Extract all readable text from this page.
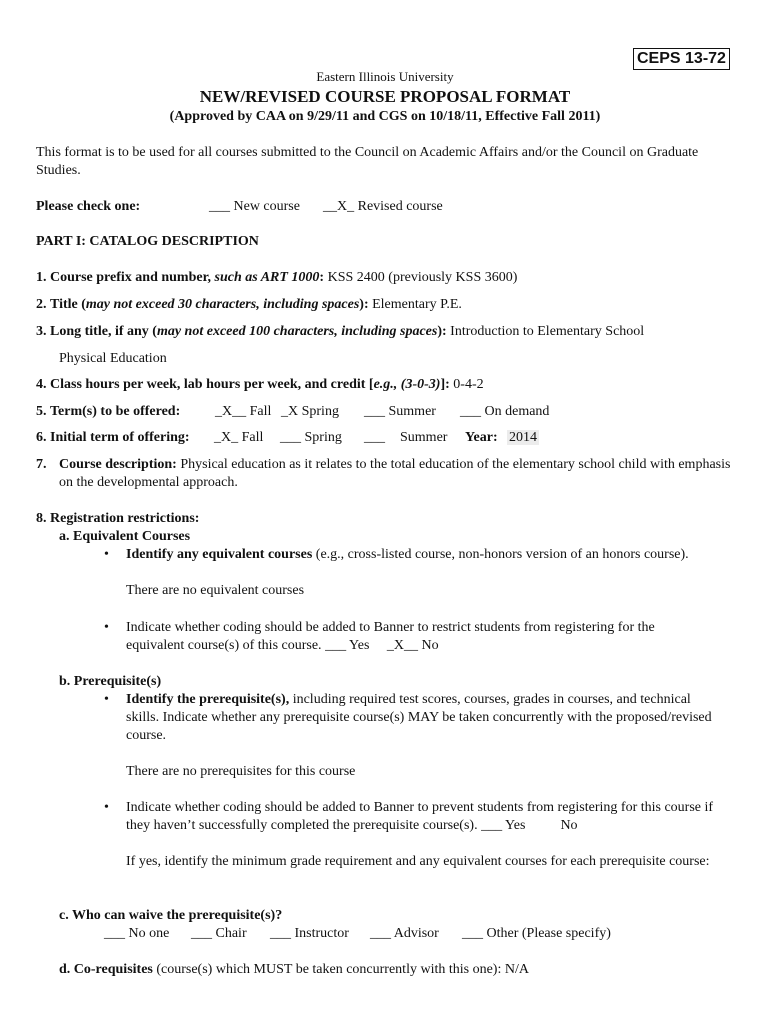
CEPS 13-72
Eastern Illinois University
NEW/REVISED COURSE PROPOSAL FORMAT
(Approved by CAA on 9/29/11 and CGS on 10/18/11, Effective Fall 2011)
This format is to be used for all courses submitted to the Council on Academic Affairs and/or the Council on Graduate Studies.
Please check one:	___ New course __X_ Revised course
PART I: CATALOG DESCRIPTION
1. Course prefix and number, such as ART 1000: KSS 2400 (previously KSS 3600)
2. Title (may not exceed 30 characters, including spaces): Elementary P.E.
3. Long title, if any (may not exceed 100 characters, including spaces): Introduction to Elementary School
Physical Education
4. Class hours per week, lab hours per week, and credit [e.g., (3-0-3)]: 0-4-2
5. Term(s) to be offered: _X__ Fall _X Spring ___ Summer ___ On demand
6. Initial term of offering: _X_ Fall ___ Spring ___ Summer Year: 2014
7. Course description: Physical education as it relates to the total education of the elementary school child with emphasis on the developmental approach.
8. Registration restrictions:
a. Equivalent Courses
• Identify any equivalent courses (e.g., cross-listed course, non-honors version of an honors course).
There are no equivalent courses
• Indicate whether coding should be added to Banner to restrict students from registering for the equivalent course(s) of this course. ___ Yes _X__ No
b. Prerequisite(s)
• Identify the prerequisite(s), including required test scores, courses, grades in courses, and technical skills. Indicate whether any prerequisite course(s) MAY be taken concurrently with the proposed/revised course.
There are no prerequisites for this course
• Indicate whether coding should be added to Banner to prevent students from registering for this course if they haven’t successfully completed the prerequisite course(s). ___ Yes	No
If yes, identify the minimum grade requirement and any equivalent courses for each prerequisite course:
c. Who can waive the prerequisite(s)?
___ No one ___ Chair ___ Instructor ___ Advisor ___ Other (Please specify)
d. Co-requisites (course(s) which MUST be taken concurrently with this one): N/A
